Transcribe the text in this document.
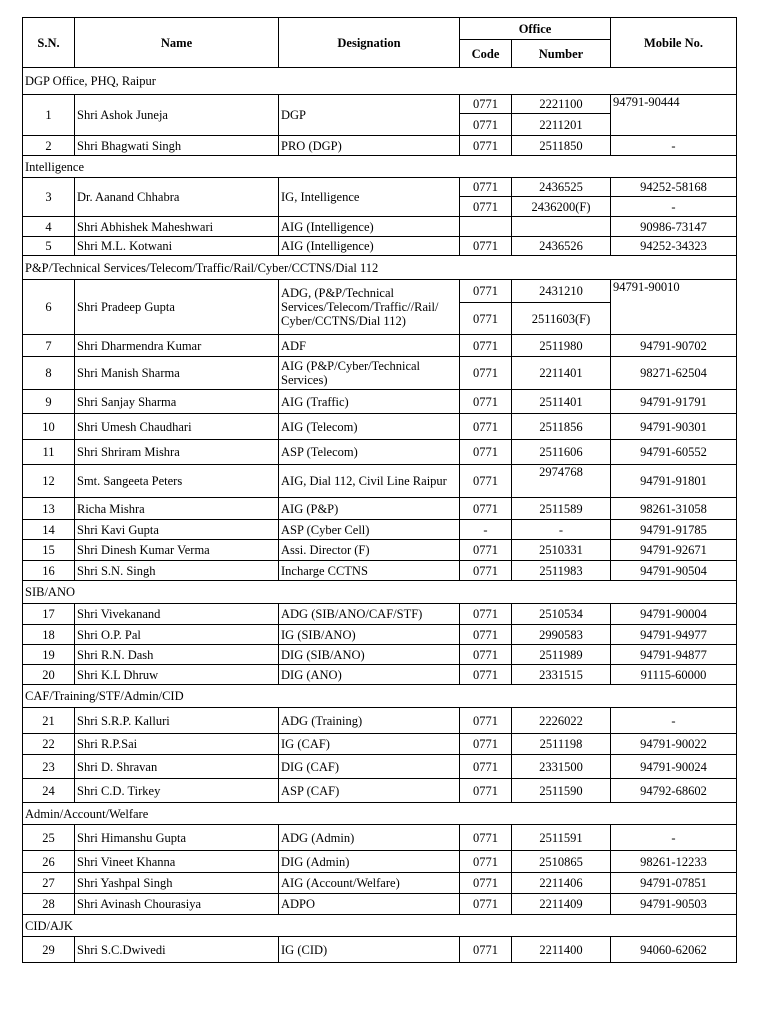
S.N.	Name	Designation	Office		Mobile No.
			Code	Number	
DGP Office, PHQ, Raipur					
1	Shri Ashok Juneja	DGP	0771	2221100	94791-90444
			0771	2211201	
2	Shri Bhagwati Singh	PRO (DGP)	0771	2511850	-
Intelligence					
3	Dr. Aanand Chhabra	IG, Intelligence	0771	2436525	94252-58168
			0771	2436200(F)	-
4	Shri Abhishek Maheshwari	AIG (Intelligence)			90986-73147
5	Shri M.L. Kotwani	AIG (Intelligence)	0771	2436526	94252-34323
P&P/Technical Services/Telecom/Traffic/Rail/Cyber/CCTNS/Dial 112					
6	Shri Pradeep Gupta	ADG, (P&P/Technical Services/Telecom/Traffic//Rail/ Cyber/CCTNS/Dial 112)	0771	2431210	94791-90010
			0771	2511603(F)	
7	Shri Dharmendra Kumar	ADF	0771	2511980	94791-90702
8	Shri Manish Sharma	AIG (P&P/Cyber/Technical Services)	0771	2211401	98271-62504
9	Shri Sanjay Sharma	AIG (Traffic)	0771	2511401	94791-91791
10	Shri Umesh Chaudhari	AIG (Telecom)	0771	2511856	94791-90301
11	Shri Shriram Mishra	ASP (Telecom)	0771	2511606	94791-60552
12	Smt. Sangeeta Peters	AIG, Dial 112, Civil Line Raipur	0771	2974768	94791-91801
13	Richa Mishra	AIG (P&P)	0771	2511589	98261-31058
14	Shri Kavi Gupta	ASP (Cyber Cell)	-	-	94791-91785
15	Shri Dinesh Kumar Verma	Assi. Director (F)	0771	2510331	94791-92671
16	Shri S.N. Singh	Incharge CCTNS	0771	2511983	94791-90504
SIB/ANO					
17	Shri Vivekanand	ADG (SIB/ANO/CAF/STF)	0771	2510534	94791-90004
18	Shri O.P. Pal	IG (SIB/ANO)	0771	2990583	94791-94977
19	Shri R.N. Dash	DIG (SIB/ANO)	0771	2511989	94791-94877
20	Shri K.L Dhruw	DIG (ANO)	0771	2331515	91115-60000
CAF/Training/STF/Admin/CID					
21	Shri S.R.P. Kalluri	ADG (Training)	0771	2226022	-
22	Shri R.P.Sai	IG (CAF)	0771	2511198	94791-90022
23	Shri D. Shravan	DIG (CAF)	0771	2331500	94791-90024
24	Shri C.D. Tirkey	ASP (CAF)	0771	2511590	94792-68602
Admin/Account/Welfare					
25	Shri Himanshu Gupta	ADG (Admin)	0771	2511591	-
26	Shri Vineet Khanna	DIG (Admin)	0771	2510865	98261-12233
27	Shri Yashpal Singh	AIG (Account/Welfare)	0771	2211406	94791-07851
28	Shri Avinash Chourasiya	ADPO	0771	2211409	94791-90503
CID/AJK					
29	Shri S.C.Dwivedi	IG (CID)	0771	2211400	94060-62062
